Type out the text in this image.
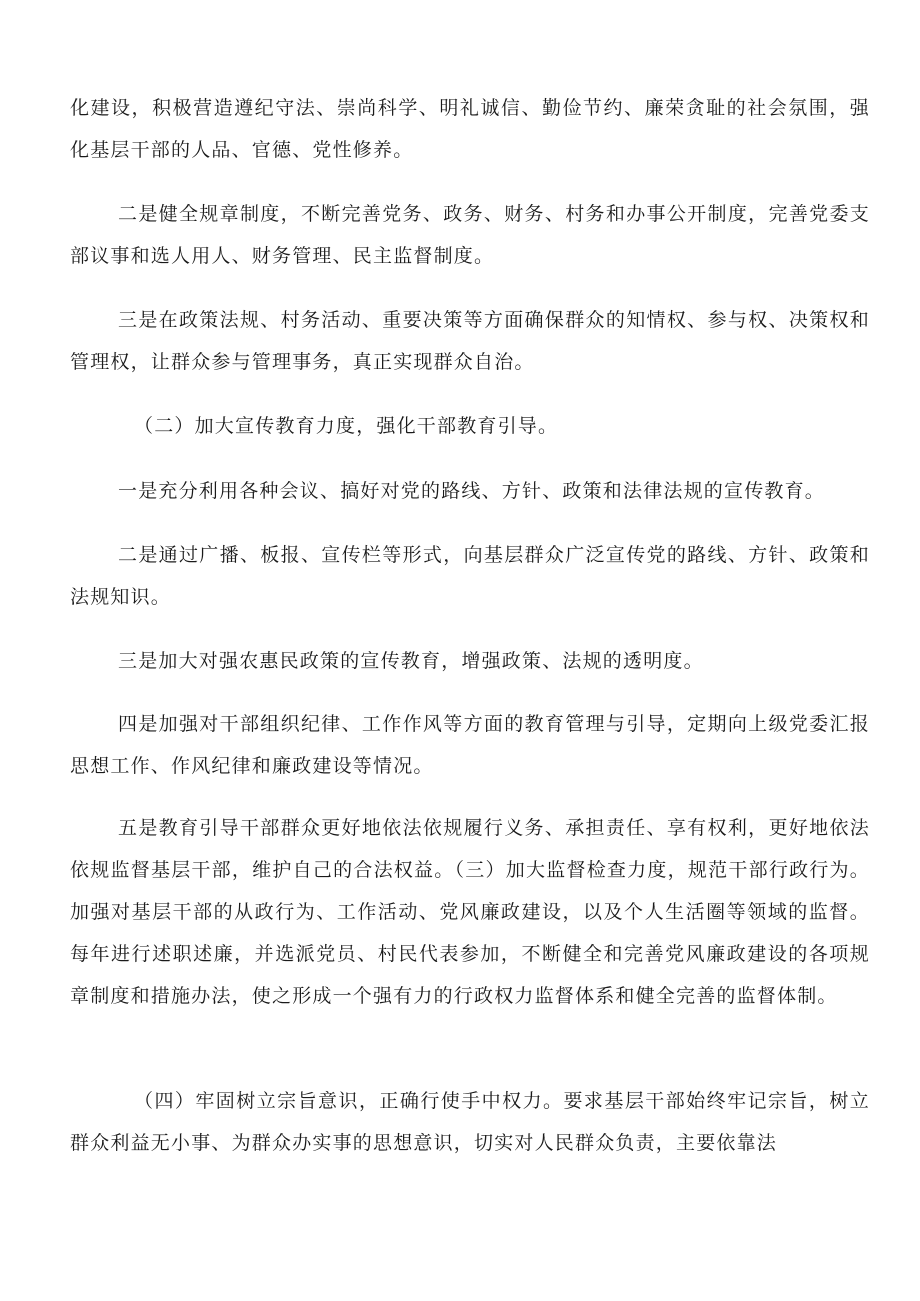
化建设，积极营造遵纪守法、崇尚科学、明礼诚信、勤俭节约、廉荣贪耻的社会氛围，强化基层干部的人品、官德、党性修养。

二是健全规章制度，不断完善党务、政务、财务、村务和办事公开制度，完善党委支部议事和选人用人、财务管理、民主监督制度。

三是在政策法规、村务活动、重要决策等方面确保群众的知情权、参与权、决策权和管理权，让群众参与管理事务，真正实现群众自治。

（二）加大宣传教育力度，强化干部教育引导。

一是充分利用各种会议、搞好对党的路线、方针、政策和法律法规的宣传教育。

二是通过广播、板报、宣传栏等形式，向基层群众广泛宣传党的路线、方针、政策和法规知识。

三是加大对强农惠民政策的宣传教育，增强政策、法规的透明度。

四是加强对干部组织纪律、工作作风等方面的教育管理与引导，定期向上级党委汇报思想工作、作风纪律和廉政建设等情况。

五是教育引导干部群众更好地依法依规履行义务、承担责任、享有权利，更好地依法依规监督基层干部，维护自己的合法权益。（三）加大监督检查力度，规范干部行政行为。加强对基层干部的从政行为、工作活动、党风廉政建设，以及个人生活圈等领域的监督。每年进行述职述廉，并选派党员、村民代表参加，不断健全和完善党风廉政建设的各项规章制度和措施办法，使之形成一个强有力的行政权力监督体系和健全完善的监督体制。

（四）牢固树立宗旨意识，正确行使手中权力。要求基层干部始终牢记宗旨，树立群众利益无小事、为群众办实事的思想意识，切实对人民群众负责，主要依靠法
